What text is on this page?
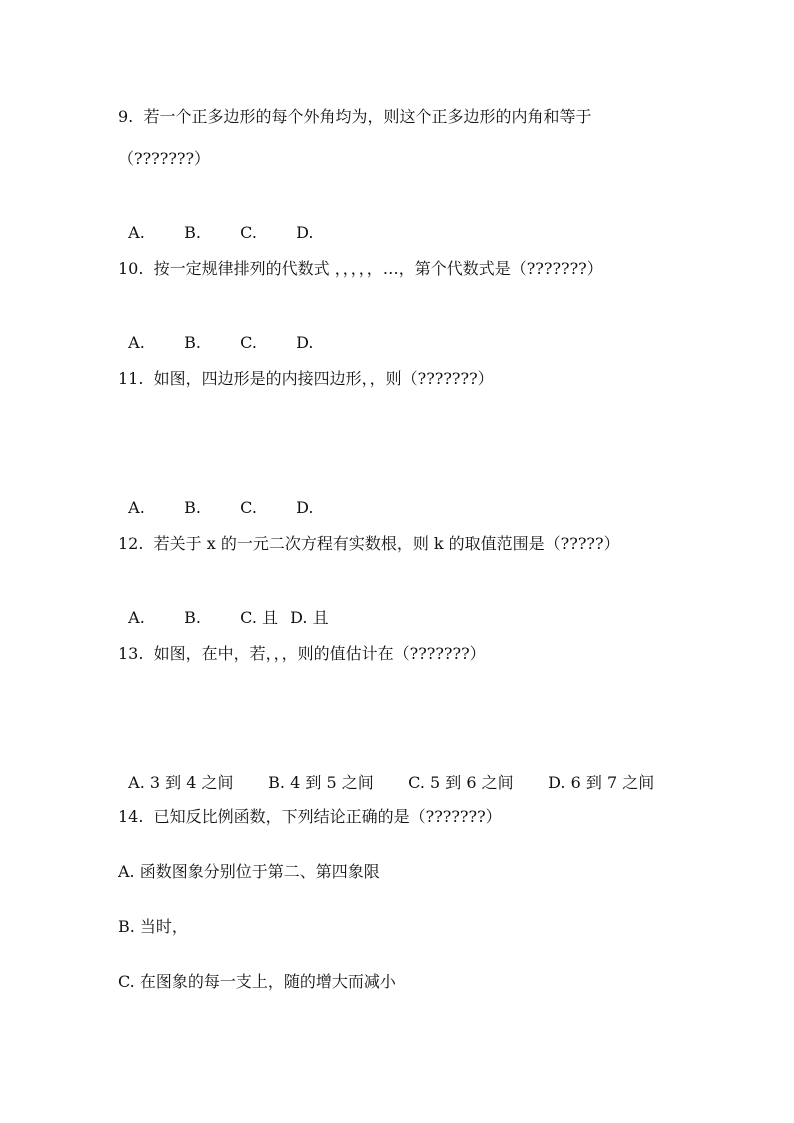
9.  若一个正多边形的每个外角均为，则这个正多边形的内角和等于
（???????）

A. B. C. D.

10.  按一定规律排列的代数式 ，，，，，…，第个代数式是（???????）

A. B. C. D.

11.  如图，四边形是的内接四边形，，则（???????）

A. B. C. D.

12.  若关于 x 的一元二次方程有实数根，则 k 的取值范围是（?????）

A. B. C. 且 D. 且

13.  如图，在中，若，，，则的值估计在（???????）

A. 3 到 4 之间 B. 4 到 5 之间 C. 5 到 6 之间 D. 6 到 7 之间

14.  已知反比例函数，下列结论正确的是（???????）
A. 函数图象分别位于第二、第四象限
B. 当时，
C. 在图象的每一支上，随的增大而减小
